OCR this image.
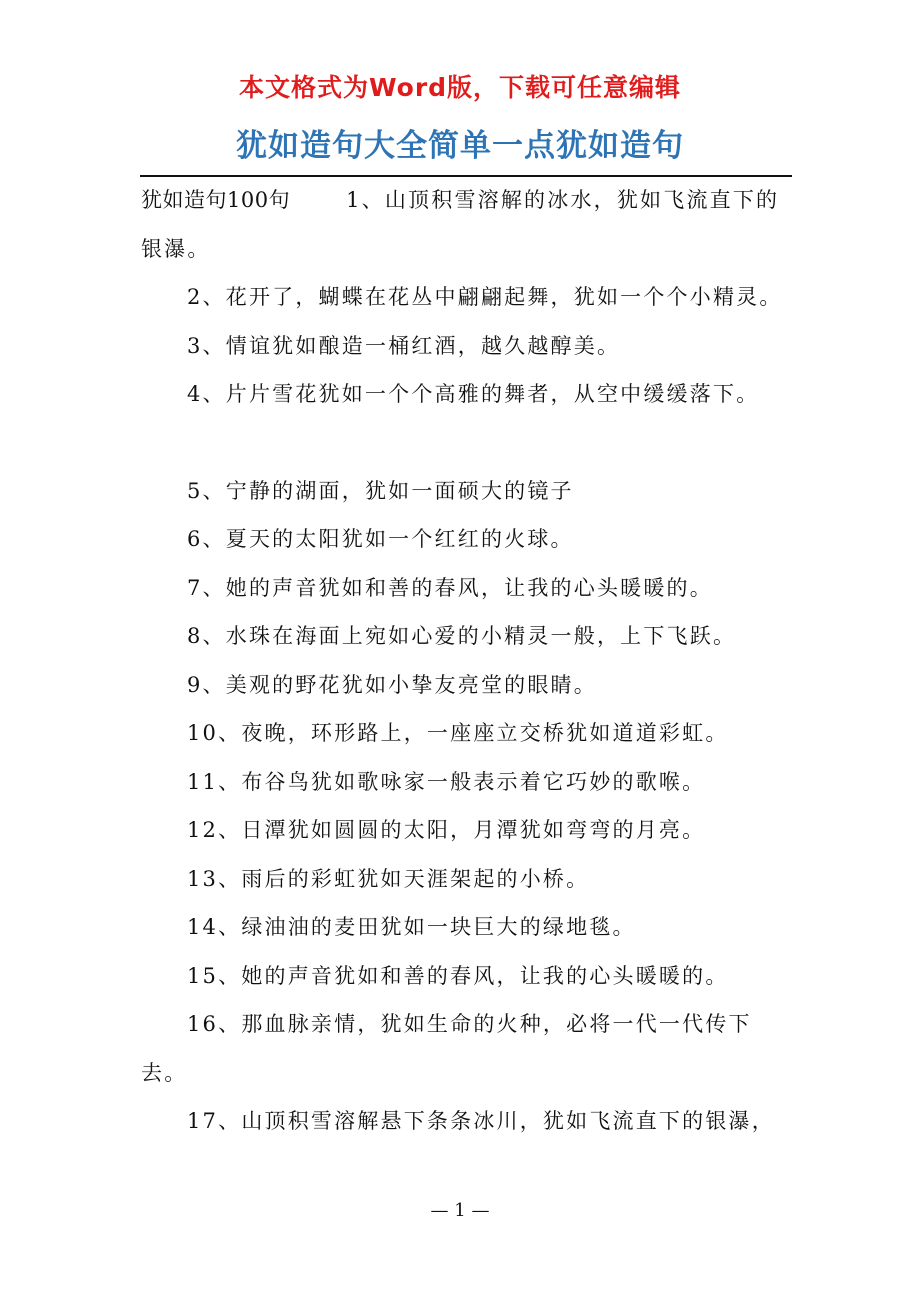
本文格式为Word版，下载可任意编辑
犹如造句大全简单一点犹如造句

犹如造句100句	1、山顶积雪溶解的冰水，犹如飞流直下的银瀑。

2、花开了，蝴蝶在花丛中翩翩起舞，犹如一个个小精灵。

3、情谊犹如酿造一桶红酒，越久越醇美。

4、片片雪花犹如一个个高雅的舞者，从空中缓缓落下。

5、宁静的湖面，犹如一面硕大的镜子

6、夏天的太阳犹如一个红红的火球。

7、她的声音犹如和善的春风，让我的心头暖暖的。

8、水珠在海面上宛如心爱的小精灵一般，上下飞跃。

9、美观的野花犹如小挚友亮堂的眼睛。

10、夜晚，环形路上，一座座立交桥犹如道道彩虹。

11、布谷鸟犹如歌咏家一般表示着它巧妙的歌喉。

12、日潭犹如圆圆的太阳，月潭犹如弯弯的月亮。

13、雨后的彩虹犹如天涯架起的小桥。

14、绿油油的麦田犹如一块巨大的绿地毯。

15、她的声音犹如和善的春风，让我的心头暖暖的。

16、那血脉亲情，犹如生命的火种，必将一代一代传下去。

17、山顶积雪溶解悬下条条冰川，犹如飞流直下的银瀑，

— 1 —
